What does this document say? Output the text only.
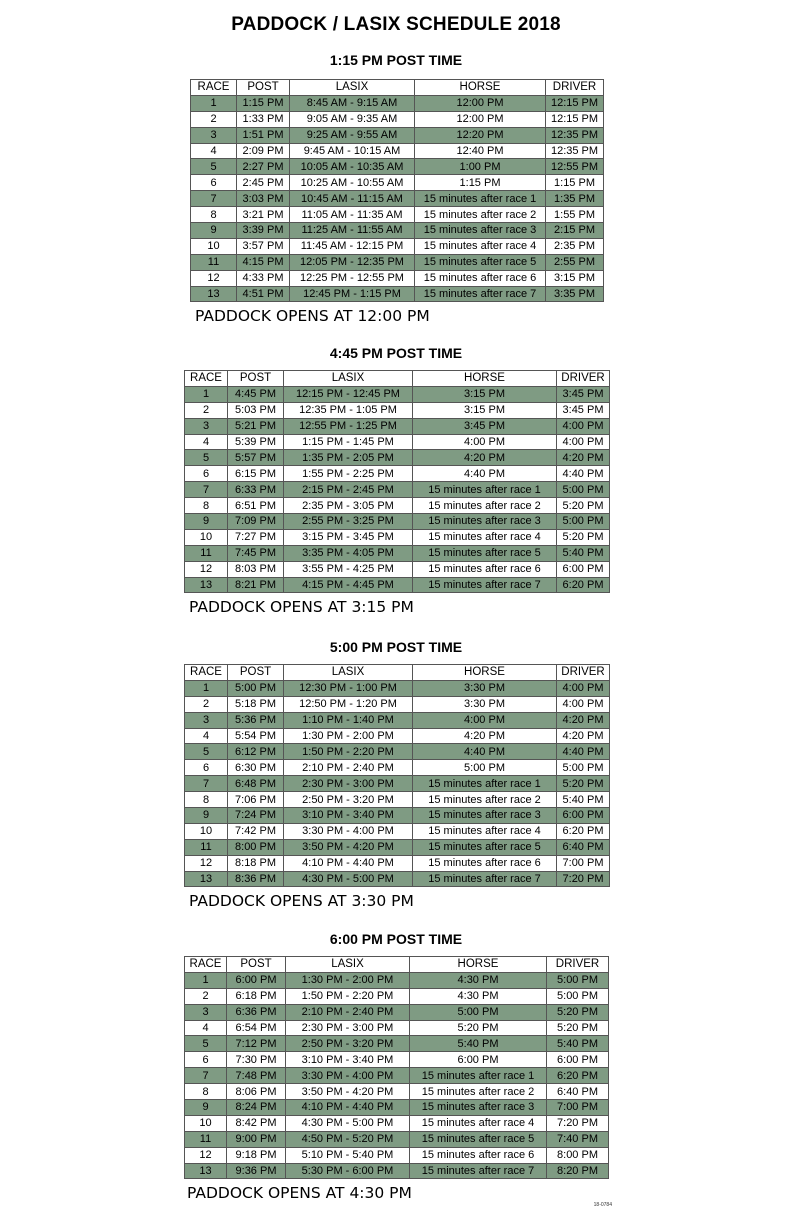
PADDOCK / LASIX SCHEDULE 2018
1:15 PM POST TIME
RACE	POST	LASIX	HORSE	DRIVER
1	1:15 PM	8:45 AM - 9:15 AM	12:00 PM	12:15 PM
2	1:33 PM	9:05 AM - 9:35 AM	12:00 PM	12:15 PM
3	1:51 PM	9:25 AM - 9:55 AM	12:20 PM	12:35 PM
4	2:09 PM	9:45 AM - 10:15 AM	12:40 PM	12:35 PM
5	2:27 PM	10:05 AM - 10:35 AM	1:00 PM	12:55 PM
6	2:45 PM	10:25 AM - 10:55 AM	1:15 PM	1:15 PM
7	3:03 PM	10:45 AM - 11:15 AM	15 minutes after race 1	1:35 PM
8	3:21 PM	11:05 AM - 11:35 AM	15 minutes after race 2	1:55 PM
9	3:39 PM	11:25 AM - 11:55 AM	15 minutes after race 3	2:15 PM
10	3:57 PM	11:45 AM - 12:15 PM	15 minutes after race 4	2:35 PM
11	4:15 PM	12:05 PM - 12:35 PM	15 minutes after race 5	2:55 PM
12	4:33 PM	12:25 PM - 12:55 PM	15 minutes after race 6	3:15 PM
13	4:51 PM	12:45 PM - 1:15 PM	15 minutes after race 7	3:35 PM
PADDOCK OPENS AT 12:00 PM
4:45 PM POST TIME
RACE	POST	LASIX	HORSE	DRIVER
1	4:45 PM	12:15 PM - 12:45 PM	3:15 PM	3:45 PM
2	5:03 PM	12:35 PM - 1:05 PM	3:15 PM	3:45 PM
3	5:21 PM	12:55 PM - 1:25 PM	3:45 PM	4:00 PM
4	5:39 PM	1:15 PM - 1:45 PM	4:00 PM	4:00 PM
5	5:57 PM	1:35 PM - 2:05 PM	4:20 PM	4:20 PM
6	6:15 PM	1:55 PM - 2:25 PM	4:40 PM	4:40 PM
7	6:33 PM	2:15 PM - 2:45 PM	15 minutes after race 1	5:00 PM
8	6:51 PM	2:35 PM - 3:05 PM	15 minutes after race 2	5:20 PM
9	7:09 PM	2:55 PM - 3:25 PM	15 minutes after race 3	5:00 PM
10	7:27 PM	3:15 PM - 3:45 PM	15 minutes after race 4	5:20 PM
11	7:45 PM	3:35 PM - 4:05 PM	15 minutes after race 5	5:40 PM
12	8:03 PM	3:55 PM - 4:25 PM	15 minutes after race 6	6:00 PM
13	8:21 PM	4:15 PM - 4:45 PM	15 minutes after race 7	6:20 PM
PADDOCK OPENS AT 3:15 PM
5:00 PM POST TIME
RACE	POST	LASIX	HORSE	DRIVER
1	5:00 PM	12:30 PM - 1:00 PM	3:30 PM	4:00 PM
2	5:18 PM	12:50 PM - 1:20 PM	3:30 PM	4:00 PM
3	5:36 PM	1:10 PM - 1:40 PM	4:00 PM	4:20 PM
4	5:54 PM	1:30 PM - 2:00 PM	4:20 PM	4:20 PM
5	6:12 PM	1:50 PM - 2:20 PM	4:40 PM	4:40 PM
6	6:30 PM	2:10 PM - 2:40 PM	5:00 PM	5:00 PM
7	6:48 PM	2:30 PM - 3:00 PM	15 minutes after race 1	5:20 PM
8	7:06 PM	2:50 PM - 3:20 PM	15 minutes after race 2	5:40 PM
9	7:24 PM	3:10 PM - 3:40 PM	15 minutes after race 3	6:00 PM
10	7:42 PM	3:30 PM - 4:00 PM	15 minutes after race 4	6:20 PM
11	8:00 PM	3:50 PM - 4:20 PM	15 minutes after race 5	6:40 PM
12	8:18 PM	4:10 PM - 4:40 PM	15 minutes after race 6	7:00 PM
13	8:36 PM	4:30 PM - 5:00 PM	15 minutes after race 7	7:20 PM
PADDOCK OPENS AT 3:30 PM
6:00 PM POST TIME
RACE	POST	LASIX	HORSE	DRIVER
1	6:00 PM	1:30 PM - 2:00 PM	4:30 PM	5:00 PM
2	6:18 PM	1:50 PM - 2:20 PM	4:30 PM	5:00 PM
3	6:36 PM	2:10 PM - 2:40 PM	5:00 PM	5:20 PM
4	6:54 PM	2:30 PM - 3:00 PM	5:20 PM	5:20 PM
5	7:12 PM	2:50 PM - 3:20 PM	5:40 PM	5:40 PM
6	7:30 PM	3:10 PM - 3:40 PM	6:00 PM	6:00 PM
7	7:48 PM	3:30 PM - 4:00 PM	15 minutes after race 1	6:20 PM
8	8:06 PM	3:50 PM - 4:20 PM	15 minutes after race 2	6:40 PM
9	8:24 PM	4:10 PM - 4:40 PM	15 minutes after race 3	7:00 PM
10	8:42 PM	4:30 PM - 5:00 PM	15 minutes after race 4	7:20 PM
11	9:00 PM	4:50 PM - 5:20 PM	15 minutes after race 5	7:40 PM
12	9:18 PM	5:10 PM - 5:40 PM	15 minutes after race 6	8:00 PM
13	9:36 PM	5:30 PM - 6:00 PM	15 minutes after race 7	8:20 PM
PADDOCK OPENS AT 4:30 PM
18-0784
